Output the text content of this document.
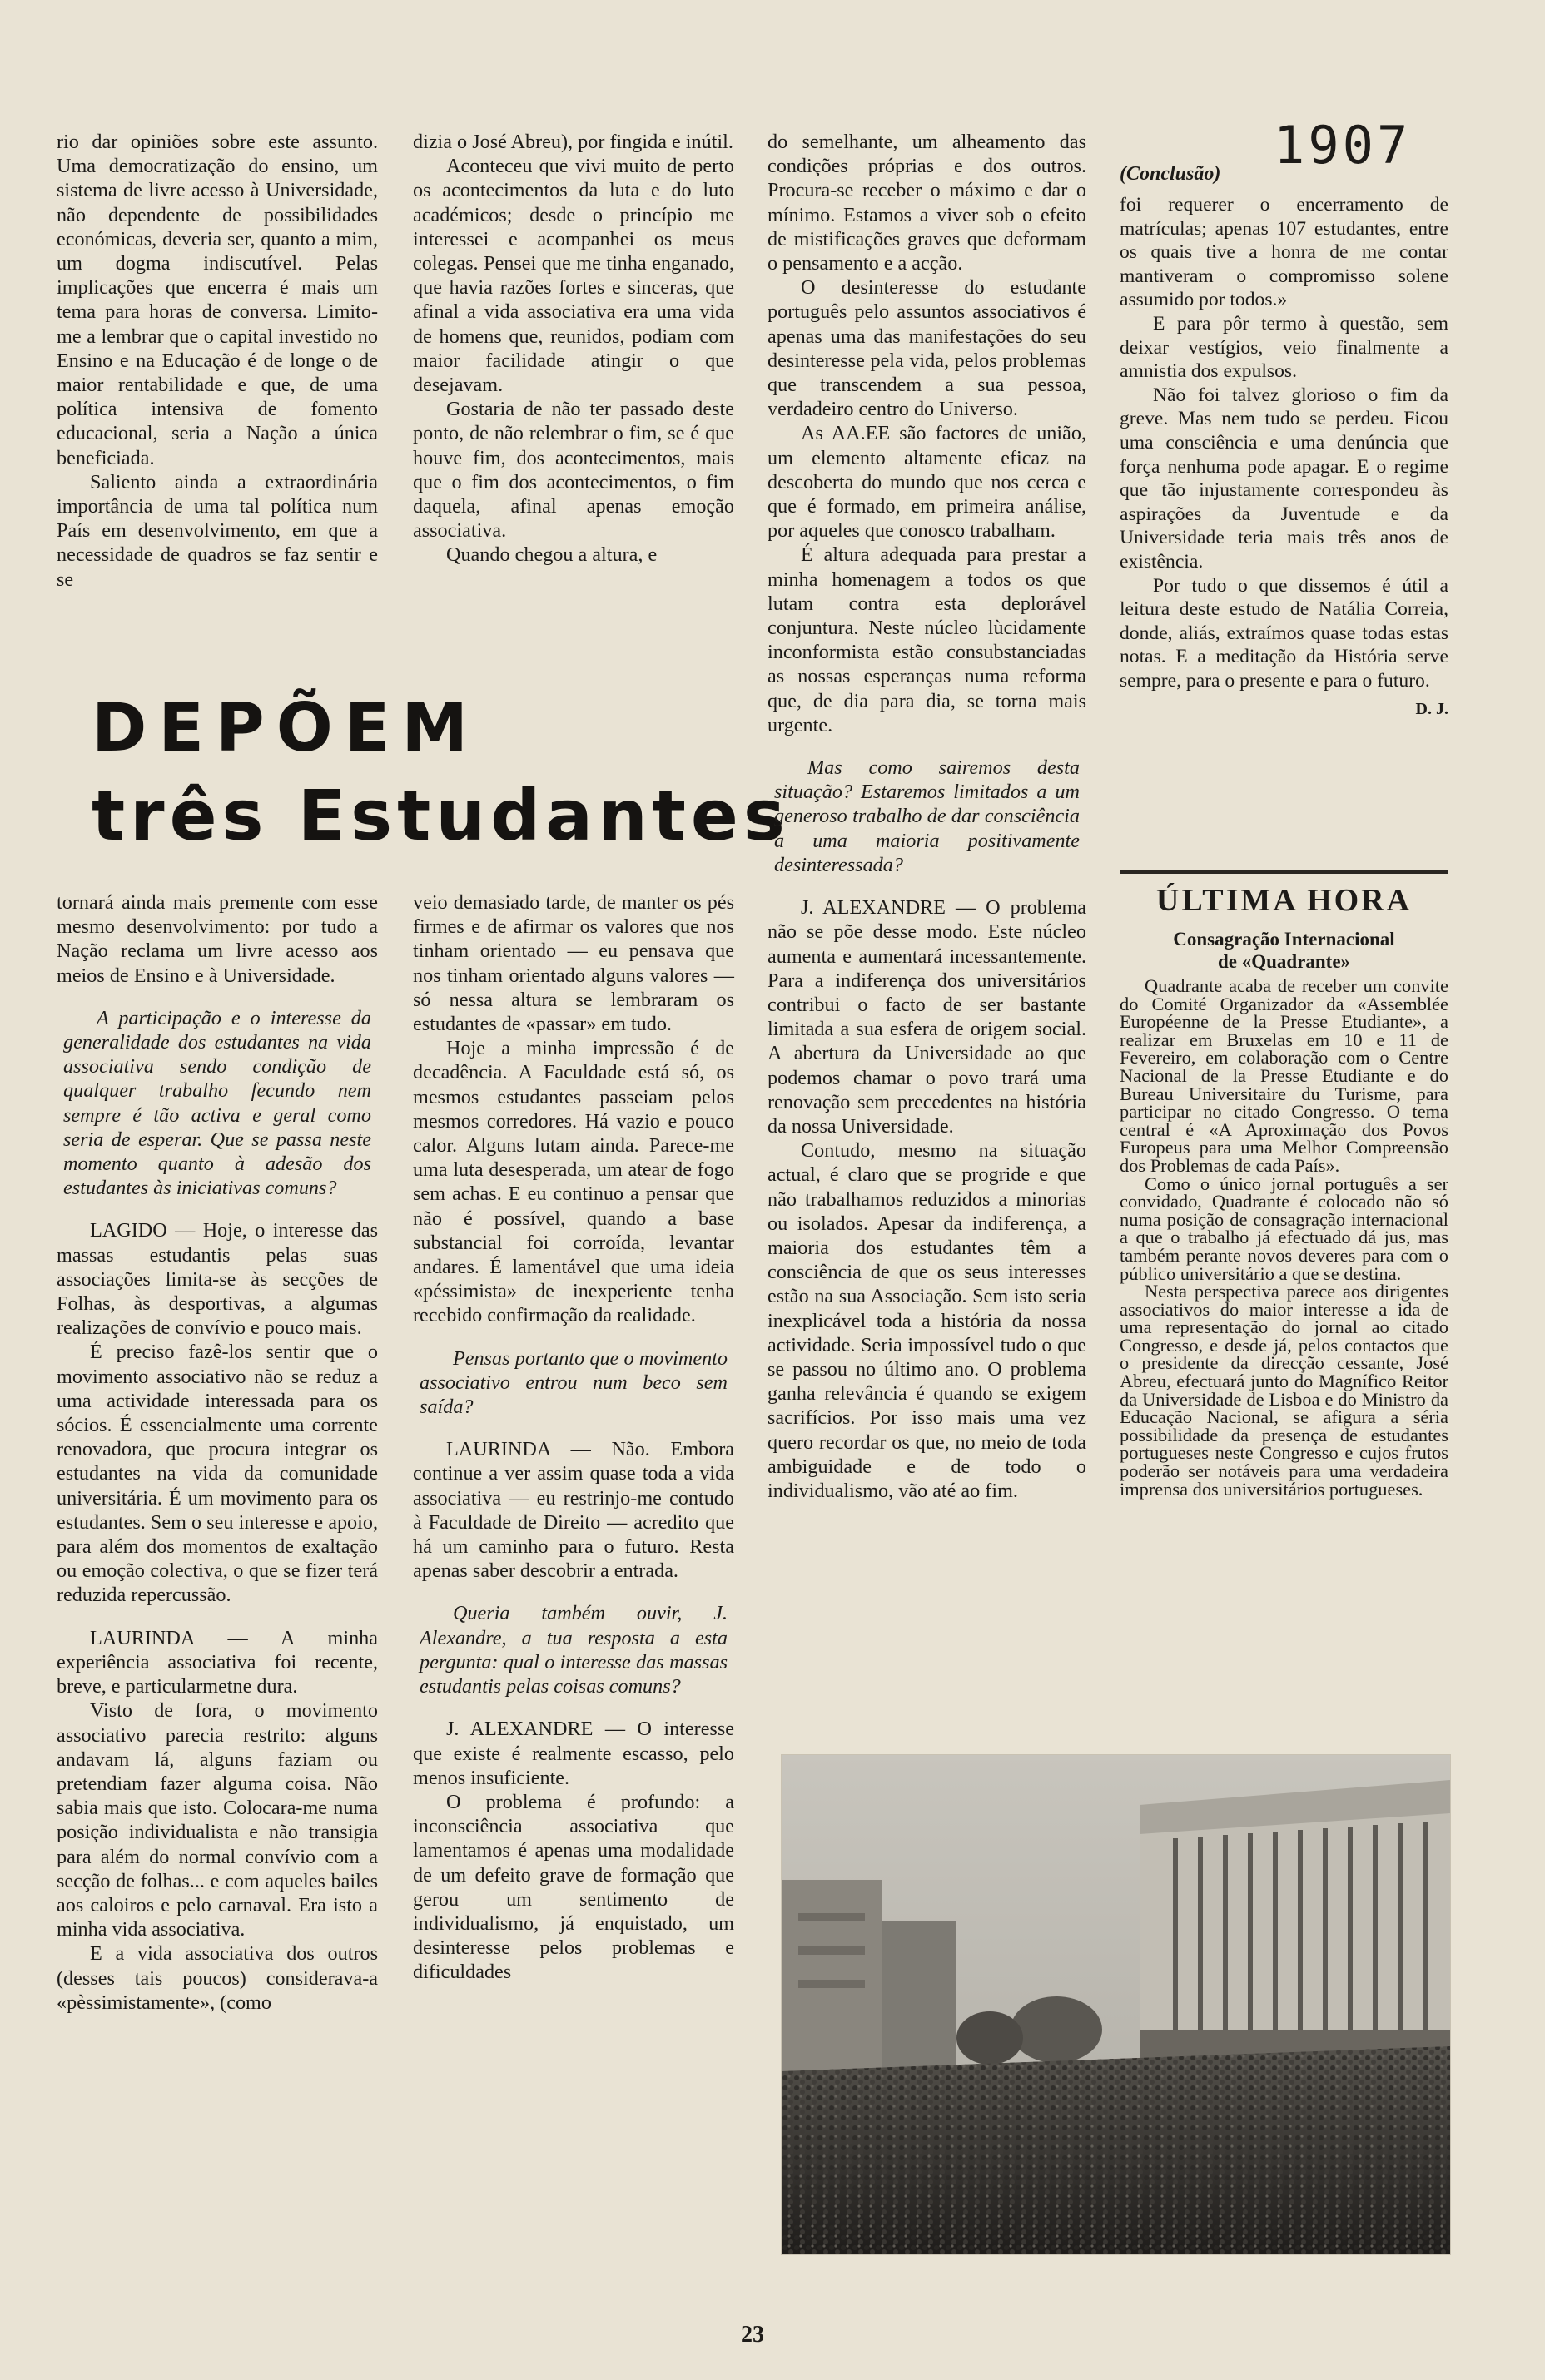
rio dar opiniões sobre este assunto. Uma democratização do ensino, um sistema de livre acesso à Universidade, não dependente de possibilidades económicas, deveria ser, quanto a mim, um dogma indiscutível. Pelas implicações que encerra é mais um tema para horas de conversa. Limito-me a lembrar que o capital investido no Ensino e na Educação é de longe o de maior rentabilidade e que, de uma política intensiva de fomento educacional, seria a Nação a única beneficiada.

Saliento ainda a extraordinária importância de uma tal política num País em desenvolvimento, em que a necessidade de quadros se faz sentir e se

dizia o José Abreu), por fingida e inútil.

Aconteceu que vivi muito de perto os acontecimentos da luta e do luto académicos; desde o princípio me interessei e acompanhei os meus colegas. Pensei que me tinha enganado, que havia razões fortes e sinceras, que afinal a vida associativa era uma vida de homens que, reunidos, podiam com maior facilidade atingir o que desejavam.

Gostaria de não ter passado deste ponto, de não relembrar o fim, se é que houve fim, dos acontecimentos, mais que o fim dos acontecimentos, o fim daquela, afinal apenas emoção associativa.

Quando chegou a altura, e

DEPÕEM
três Estudantes

tornará ainda mais premente com esse mesmo desenvolvimento: por tudo a Nação reclama um livre acesso aos meios de Ensino e à Universidade.

A participação e o interesse da generalidade dos estudantes na vida associativa sendo condição de qualquer trabalho fecundo nem sempre é tão activa e geral como seria de esperar. Que se passa neste momento quanto à adesão dos estudantes às iniciativas comuns?

LAGIDO — Hoje, o interesse das massas estudantis pelas suas associações limita-se às secções de Folhas, às desportivas, a algumas realizações de convívio e pouco mais.

É preciso fazê-los sentir que o movimento associativo não se reduz a uma actividade interessada para os sócios. É essencialmente uma corrente renovadora, que procura integrar os estudantes na vida da comunidade universitária. É um movimento para os estudantes. Sem o seu interesse e apoio, para além dos momentos de exaltação ou emoção colectiva, o que se fizer terá reduzida repercussão.

LAURINDA — A minha experiência associativa foi recente, breve, e particularmetne dura.

Visto de fora, o movimento associativo parecia restrito: alguns andavam lá, alguns faziam ou pretendiam fazer alguma coisa. Não sabia mais que isto. Colocara-me numa posição individualista e não transigia para além do normal convívio com a secção de folhas... e com aqueles bailes aos caloiros e pelo carnaval. Era isto a minha vida associativa.

E a vida associativa dos outros (desses tais poucos) considerava-a «pèssimistamente», (como

veio demasiado tarde, de manter os pés firmes e de afirmar os valores que nos tinham orientado — eu pensava que nos tinham orientado alguns valores — só nessa altura se lembraram os estudantes de «passar» em tudo.

Hoje a minha impressão é de decadência. A Faculdade está só, os mesmos estudantes passeiam pelos mesmos corredores. Há vazio e pouco calor. Alguns lutam ainda. Parece-me uma luta desesperada, um atear de fogo sem achas. E eu continuo a pensar que não é possível, quando a base substancial foi corroída, levantar andares. É lamentável que uma ideia «péssimista» de inexperiente tenha recebido confirmação da realidade.

Pensas portanto que o movimento associativo entrou num beco sem saída?

LAURINDA — Não. Embora continue a ver assim quase toda a vida associativa — eu restrinjo-me contudo à Faculdade de Direito — acredito que há um caminho para o futuro. Resta apenas saber descobrir a entrada.

Queria também ouvir, J. Alexandre, a tua resposta a esta pergunta: qual o interesse das massas estudantis pelas coisas comuns?

J. ALEXANDRE — O interesse que existe é realmente escasso, pelo menos insuficiente.

O problema é profundo: a inconsciência associativa que lamentamos é apenas uma modalidade de um defeito grave de formação que gerou um sentimento de individualismo, já enquistado, um desinteresse pelos problemas e dificuldades

do semelhante, um alheamento das condições próprias e dos outros. Procura-se receber o máximo e dar o mínimo. Estamos a viver sob o efeito de mistificações graves que deformam o pensamento e a acção.

O desinteresse do estudante português pelo assuntos associativos é apenas uma das manifestações do seu desinteresse pela vida, pelos problemas que transcendem a sua pessoa, verdadeiro centro do Universo.

As AA.EE são factores de união, um elemento altamente eficaz na descoberta do mundo que nos cerca e que é formado, em primeira análise, por aqueles que conosco trabalham.

É altura adequada para prestar a minha homenagem a todos os que lutam contra esta deplorável conjuntura. Neste núcleo lùcidamente inconformista estão consubstanciadas as nossas esperanças numa reforma que, de dia para dia, se torna mais urgente.

Mas como sairemos desta situação? Estaremos limitados a um generoso trabalho de dar consciência a uma maioria positivamente desinteressada?

J. ALEXANDRE — O problema não se põe desse modo. Este núcleo aumenta e aumentará incessantemente. Para a indiferença dos universitários contribui o facto de ser bastante limitada a sua esfera de origem social. A abertura da Universidade ao que podemos chamar o povo trará uma renovação sem precedentes na história da nossa Universidade.

Contudo, mesmo na situação actual, é claro que se progride e que não trabalhamos reduzidos a minorias ou isolados. Apesar da indiferença, a maioria dos estudantes têm a consciência de que os seus interesses estão na sua Associação. Sem isto seria inexplicável toda a história da nossa actividade. Seria impossível tudo o que se passou no último ano. O problema ganha relevância é quando se exigem sacrifícios. Por isso mais uma vez quero recordar os que, no meio de toda ambiguidade e de todo o individualismo, vão até ao fim.

1907
(Conclusão)

foi requerer o encerramento de matrículas; apenas 107 estudantes, entre os quais tive a honra de me contar mantiveram o compromisso solene assumido por todos.»

E para pôr termo à questão, sem deixar vestígios, veio finalmente a amnistia dos expulsos.

Não foi talvez glorioso o fim da greve. Mas nem tudo se perdeu. Ficou uma consciência e uma denúncia que força nenhuma pode apagar. E o regime que tão injustamente correspondeu às aspirações da Juventude e da Universidade teria mais três anos de existência.

Por tudo o que dissemos é útil a leitura deste estudo de Natália Correia, donde, aliás, extraímos quase todas estas notas. E a meditação da História serve sempre, para o presente e para o futuro.

D. J.

ÚLTIMA HORA
Consagração Internacional
de «Quadrante»

Quadrante acaba de receber um convite do Comité Organizador da «Assemblée Européenne de la Presse Etudiante», a realizar em Bruxelas em 10 e 11 de Fevereiro, em colaboração com o Centre Nacional de la Presse Etudiante e do Bureau Universitaire du Turisme, para participar no citado Congresso. O tema central é «A Aproximação dos Povos Europeus para uma Melhor Compreensão dos Problemas de cada País».

Como o único jornal português a ser convidado, Quadrante é colocado não só numa posição de consagração internacional a que o trabalho já efectuado dá jus, mas também perante novos deveres para com o público universitário a que se destina.

Nesta perspectiva parece aos dirigentes associativos do maior interesse a ida de uma representação do jornal ao citado Congresso, e desde já, pelos contactos que o presidente da direcção cessante, José Abreu, efectuará junto do Magnífico Reitor da Universidade de Lisboa e do Ministro da Educação Nacional, se afigura a séria possibilidade da presença de estudantes portugueses neste Congresso e cujos frutos poderão ser notáveis para uma verdadeira imprensa dos universitários portugueses.

23
